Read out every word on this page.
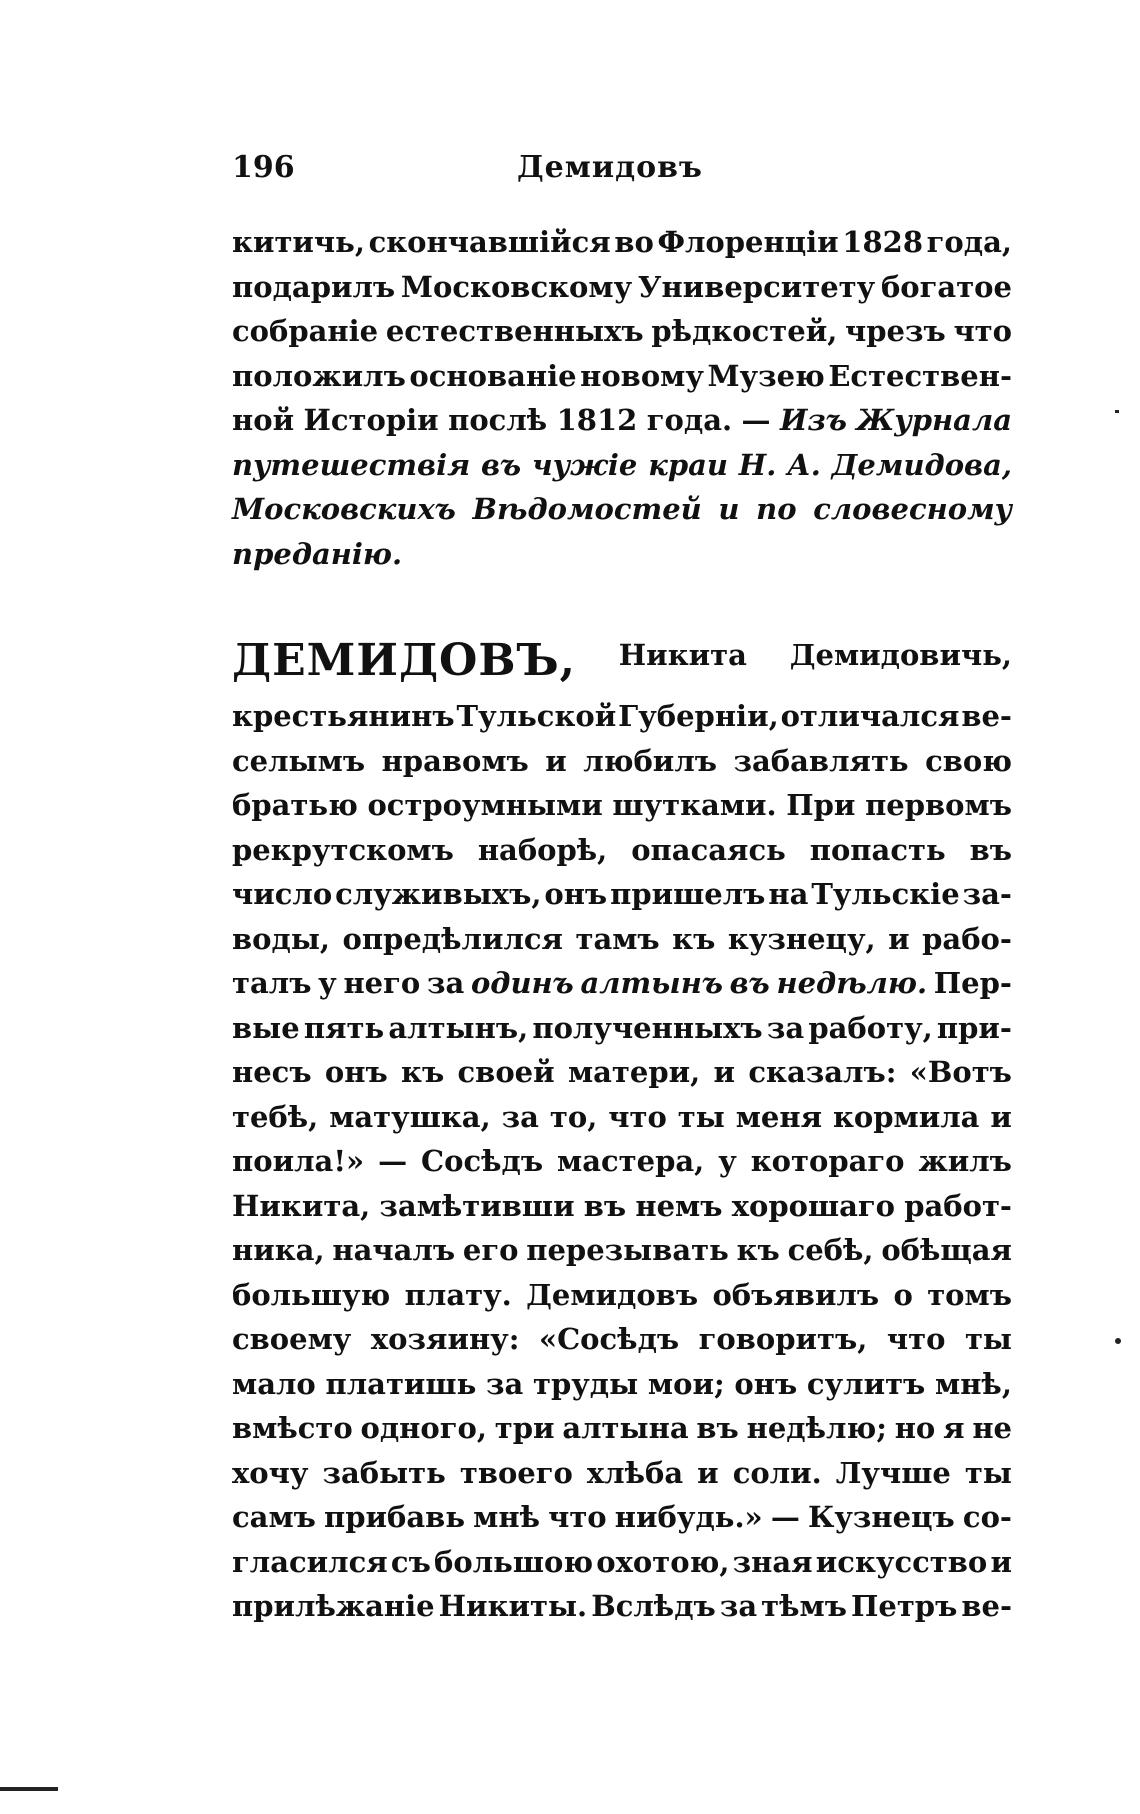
196	Демидовъ
китичь, скончавшійся во Флоренціи 1828 года,
подарилъ Московскому Университету богатое
собраніе естественныхъ рѣдкостей, чрезъ что
положилъ основаніе новому Музею Естествен-
ной Исторіи послѣ 1812 года. — Изъ Журнала
путешествія въ чужіе краи Н. А. Демидова,
Московскихъ Вѣдомостей и по словесному
преданію.
ДЕМИДОВЪ, Никита Демидовичь,
крестьянинъ Тульской Губерніи, отличался ве-
селымъ нравомъ и любилъ забавлять свою
братью остроумными шутками. При первомъ
рекрутскомъ наборѣ, опасаясь попасть въ
число служивыхъ, онъ пришелъ на Тульскіе за-
воды, опредѣлился тамъ къ кузнецу, и рабо-
талъ у него за одинъ алтынъ въ недѣлю. Пер-
вые пять алтынъ, полученныхъ за работу, при-
несъ онъ къ своей матери, и сказалъ: «Вотъ
тебѣ, матушка, за то, что ты меня кормила и
поила!» — Сосѣдъ мастера, у котораго жилъ
Никита, замѣтивши въ немъ хорошаго работ-
ника, началъ его перезывать къ себѣ, обѣщая
большую плату. Демидовъ объявилъ о томъ
своему хозяину: «Сосѣдъ говоритъ, что ты
мало платишь за труды мои; онъ сулитъ мнѣ,
вмѣсто одного, три алтына въ недѣлю; но я не
хочу забыть твоего хлѣба и соли. Лучше ты
самъ прибавь мнѣ что нибудь.» — Кузнецъ со-
гласился съ большою охотою, зная искусство и
прилѣжаніе Никиты. Вслѣдъ за тѣмъ Петръ ве-
